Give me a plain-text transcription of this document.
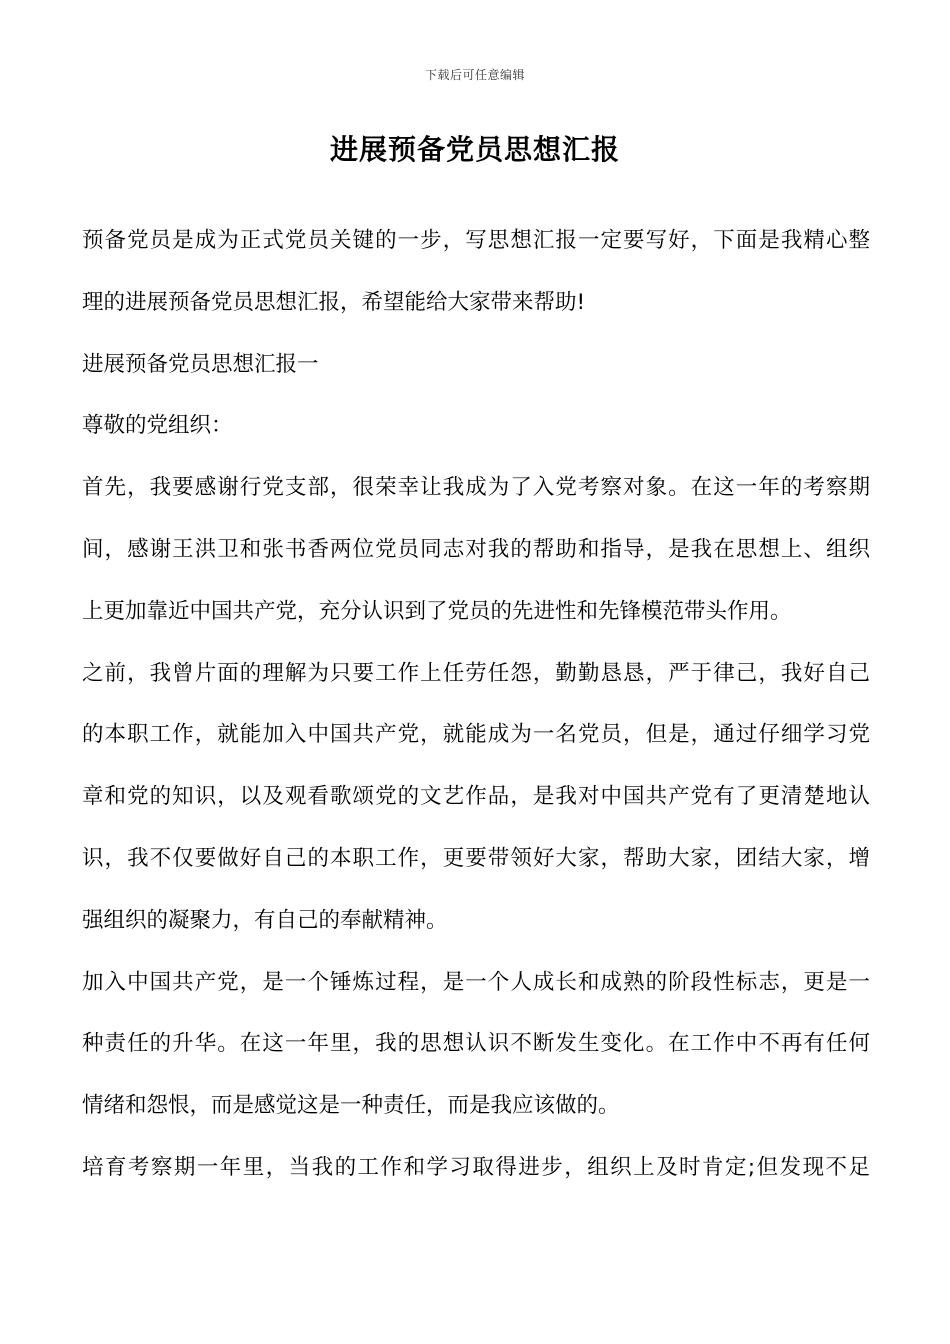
下载后可任意编辑
进展预备党员思想汇报
预备党员是成为正式党员关键的一步，写思想汇报一定要写好，下面是我精心整
理的进展预备党员思想汇报，希望能给大家带来帮助!
进展预备党员思想汇报一
尊敬的党组织：
首先，我要感谢行党支部，很荣幸让我成为了入党考察对象。在这一年的考察期
间，感谢王洪卫和张书香两位党员同志对我的帮助和指导，是我在思想上、组织
上更加靠近中国共产党，充分认识到了党员的先进性和先锋模范带头作用。
之前，我曾片面的理解为只要工作上任劳任怨，勤勤恳恳，严于律己，我好自己
的本职工作，就能加入中国共产党，就能成为一名党员，但是，通过仔细学习党
章和党的知识，以及观看歌颂党的文艺作品，是我对中国共产党有了更清楚地认
识，我不仅要做好自己的本职工作，更要带领好大家，帮助大家，团结大家，增
强组织的凝聚力，有自己的奉献精神。
加入中国共产党，是一个锤炼过程，是一个人成长和成熟的阶段性标志，更是一
种责任的升华。在这一年里，我的思想认识不断发生变化。在工作中不再有任何
情绪和怨恨，而是感觉这是一种责任，而是我应该做的。
培育考察期一年里，当我的工作和学习取得进步，组织上及时肯定;但发现不足
